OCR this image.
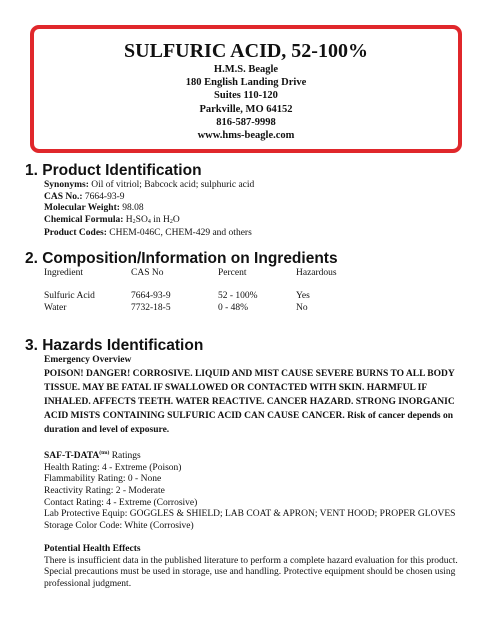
SULFURIC ACID, 52-100%
H.M.S. Beagle
180 English Landing Drive
Suites 110-120
Parkville, MO 64152
816-587-9998
www.hms-beagle.com
1. Product Identification
Synonyms: Oil of vitriol; Babcock acid; sulphuric acid
CAS No.: 7664-93-9
Molecular Weight: 98.08
Chemical Formula: $H_2SO_4$ in $H_2O$
Product Codes: CHEM-046C, CHEM-429 and others
2. Composition/Information on Ingredients
Ingredient	CAS No	Percent	Hazardous
Sulfuric Acid	7664-93-9	52 - 100%	Yes
Water	7732-18-5	0 - 48%	No
3. Hazards Identification
Emergency Overview
POISON! DANGER! CORROSIVE. LIQUID AND MIST CAUSE SEVERE BURNS TO ALL BODY TISSUE. MAY BE FATAL IF SWALLOWED OR CONTACTED WITH SKIN. HARMFUL IF INHALED. AFFECTS TEETH. WATER REACTIVE. CANCER HAZARD. STRONG INORGANIC ACID MISTS CONTAINING SULFURIC ACID CAN CAUSE CANCER. Risk of cancer depends on duration and level of exposure.
SAF-$T-DATA^{(tm)}$ Ratings
Health Rating: 4 - Extreme (Poison)
Flammability Rating: 0 - None
Reactivity Rating: 2 - Moderate
Contact Rating: 4 - Extreme (Corrosive)
Lab Protective Equip: GOGGLES & SHIELD; LAB COAT & APRON; VENT HOOD; PROPER GLOVES
Storage Color Code: White (Corrosive)
Potential Health Effects
There is insufficient data in the published literature to perform a complete hazard evaluation for this product. Special precautions must be used in storage, use and handling. Protective equipment should be chosen using professional judgment.
